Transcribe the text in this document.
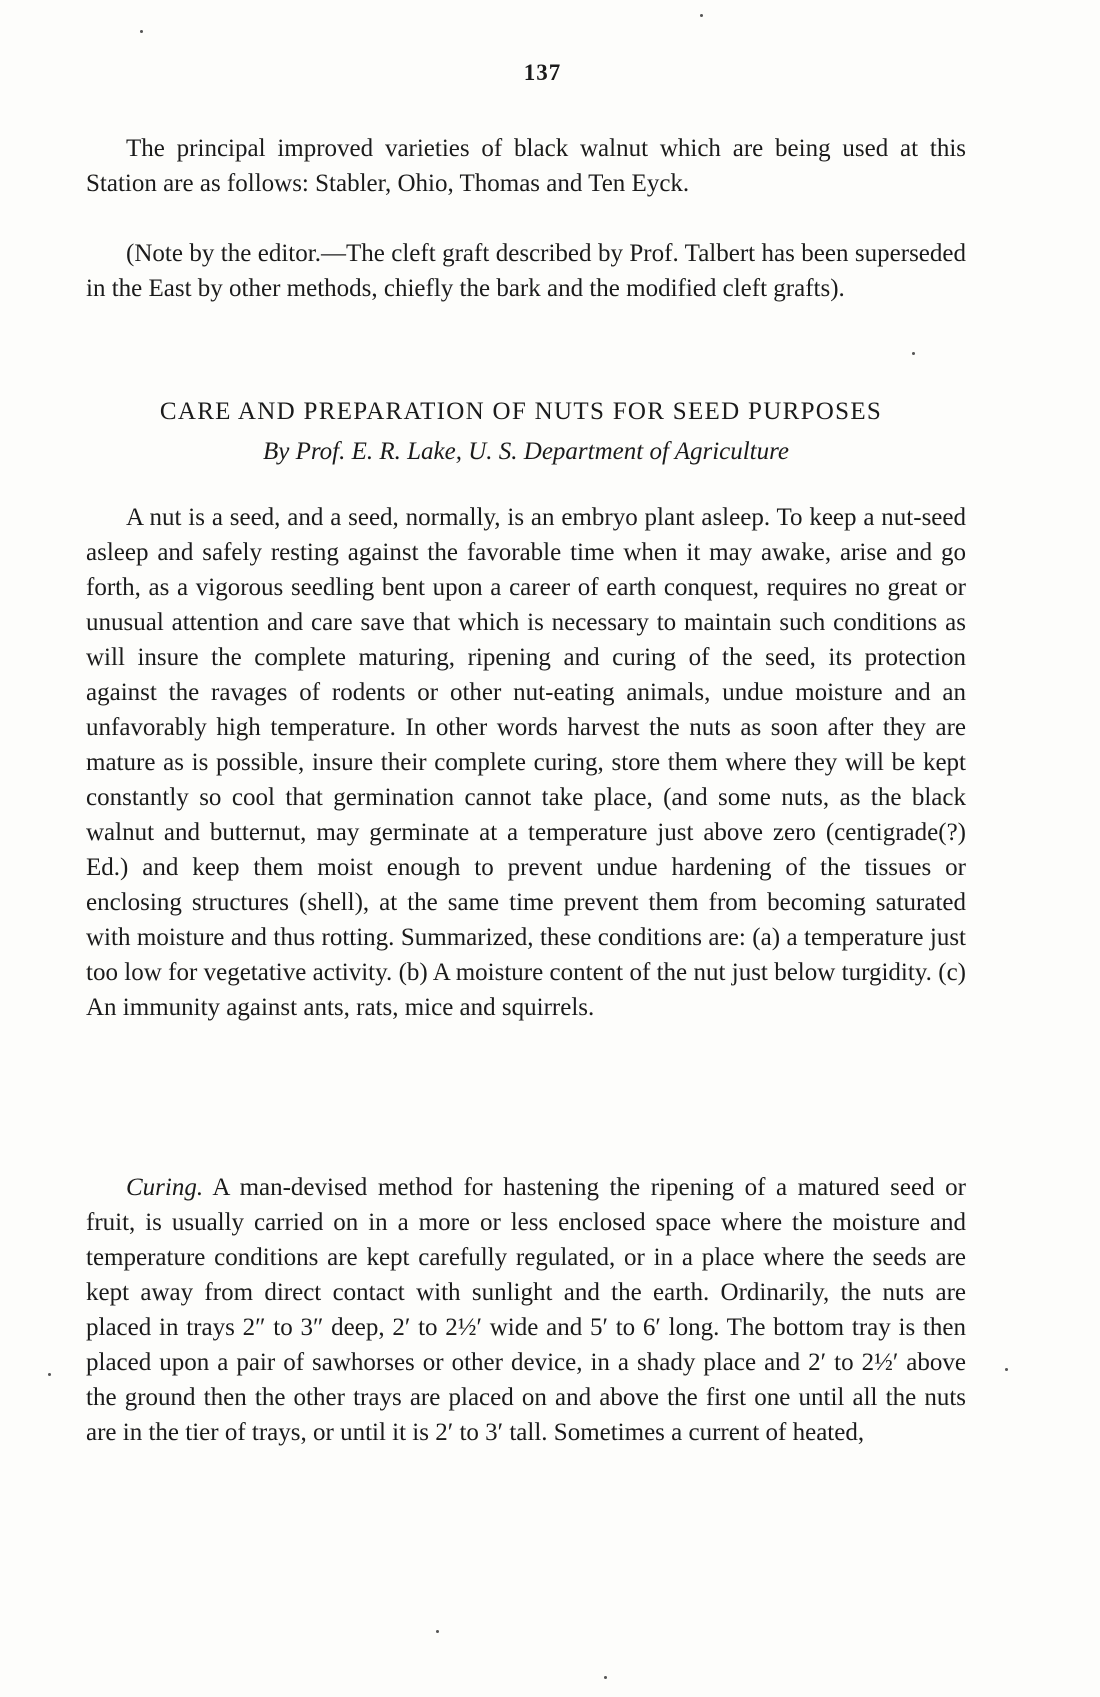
137

The principal improved varieties of black walnut which are being used at this Station are as follows: Stabler, Ohio, Thomas and Ten Eyck.

(Note by the editor.—The cleft graft described by Prof. Talbert has been superseded in the East by other methods, chiefly the bark and the modified cleft grafts).

CARE AND PREPARATION OF NUTS FOR SEED PURPOSES
By Prof. E. R. Lake, U. S. Department of Agriculture

A nut is a seed, and a seed, normally, is an embryo plant asleep. To keep a nut-seed asleep and safely resting against the favorable time when it may awake, arise and go forth, as a vigorous seedling bent upon a career of earth conquest, requires no great or unusual attention and care save that which is necessary to maintain such conditions as will insure the complete maturing, ripening and curing of the seed, its protection against the ravages of rodents or other nut-eating animals, undue moisture and an unfavorably high temperature. In other words harvest the nuts as soon after they are mature as is possible, insure their complete curing, store them where they will be kept constantly so cool that germination cannot take place, (and some nuts, as the black walnut and butternut, may germinate at a temperature just above zero (centigrade(?) Ed.) and keep them moist enough to prevent undue hardening of the tissues or enclosing structures (shell), at the same time prevent them from becoming saturated with moisture and thus rotting. Summarized, these conditions are: (a) a temperature just too low for vegetative activity. (b) A moisture content of the nut just below turgidity. (c) An immunity against ants, rats, mice and squirrels.

Curing. A man-devised method for hastening the ripening of a matured seed or fruit, is usually carried on in a more or less enclosed space where the moisture and temperature conditions are kept carefully regulated, or in a place where the seeds are kept away from direct contact with sunlight and the earth. Ordinarily, the nuts are placed in trays 2″ to 3″ deep, 2′ to 2½′ wide and 5′ to 6′ long. The bottom tray is then placed upon a pair of sawhorses or other device, in a shady place and 2′ to 2½′ above the ground then the other trays are placed on and above the first one until all the nuts are in the tier of trays, or until it is 2′ to 3′ tall. Sometimes a current of heated,
